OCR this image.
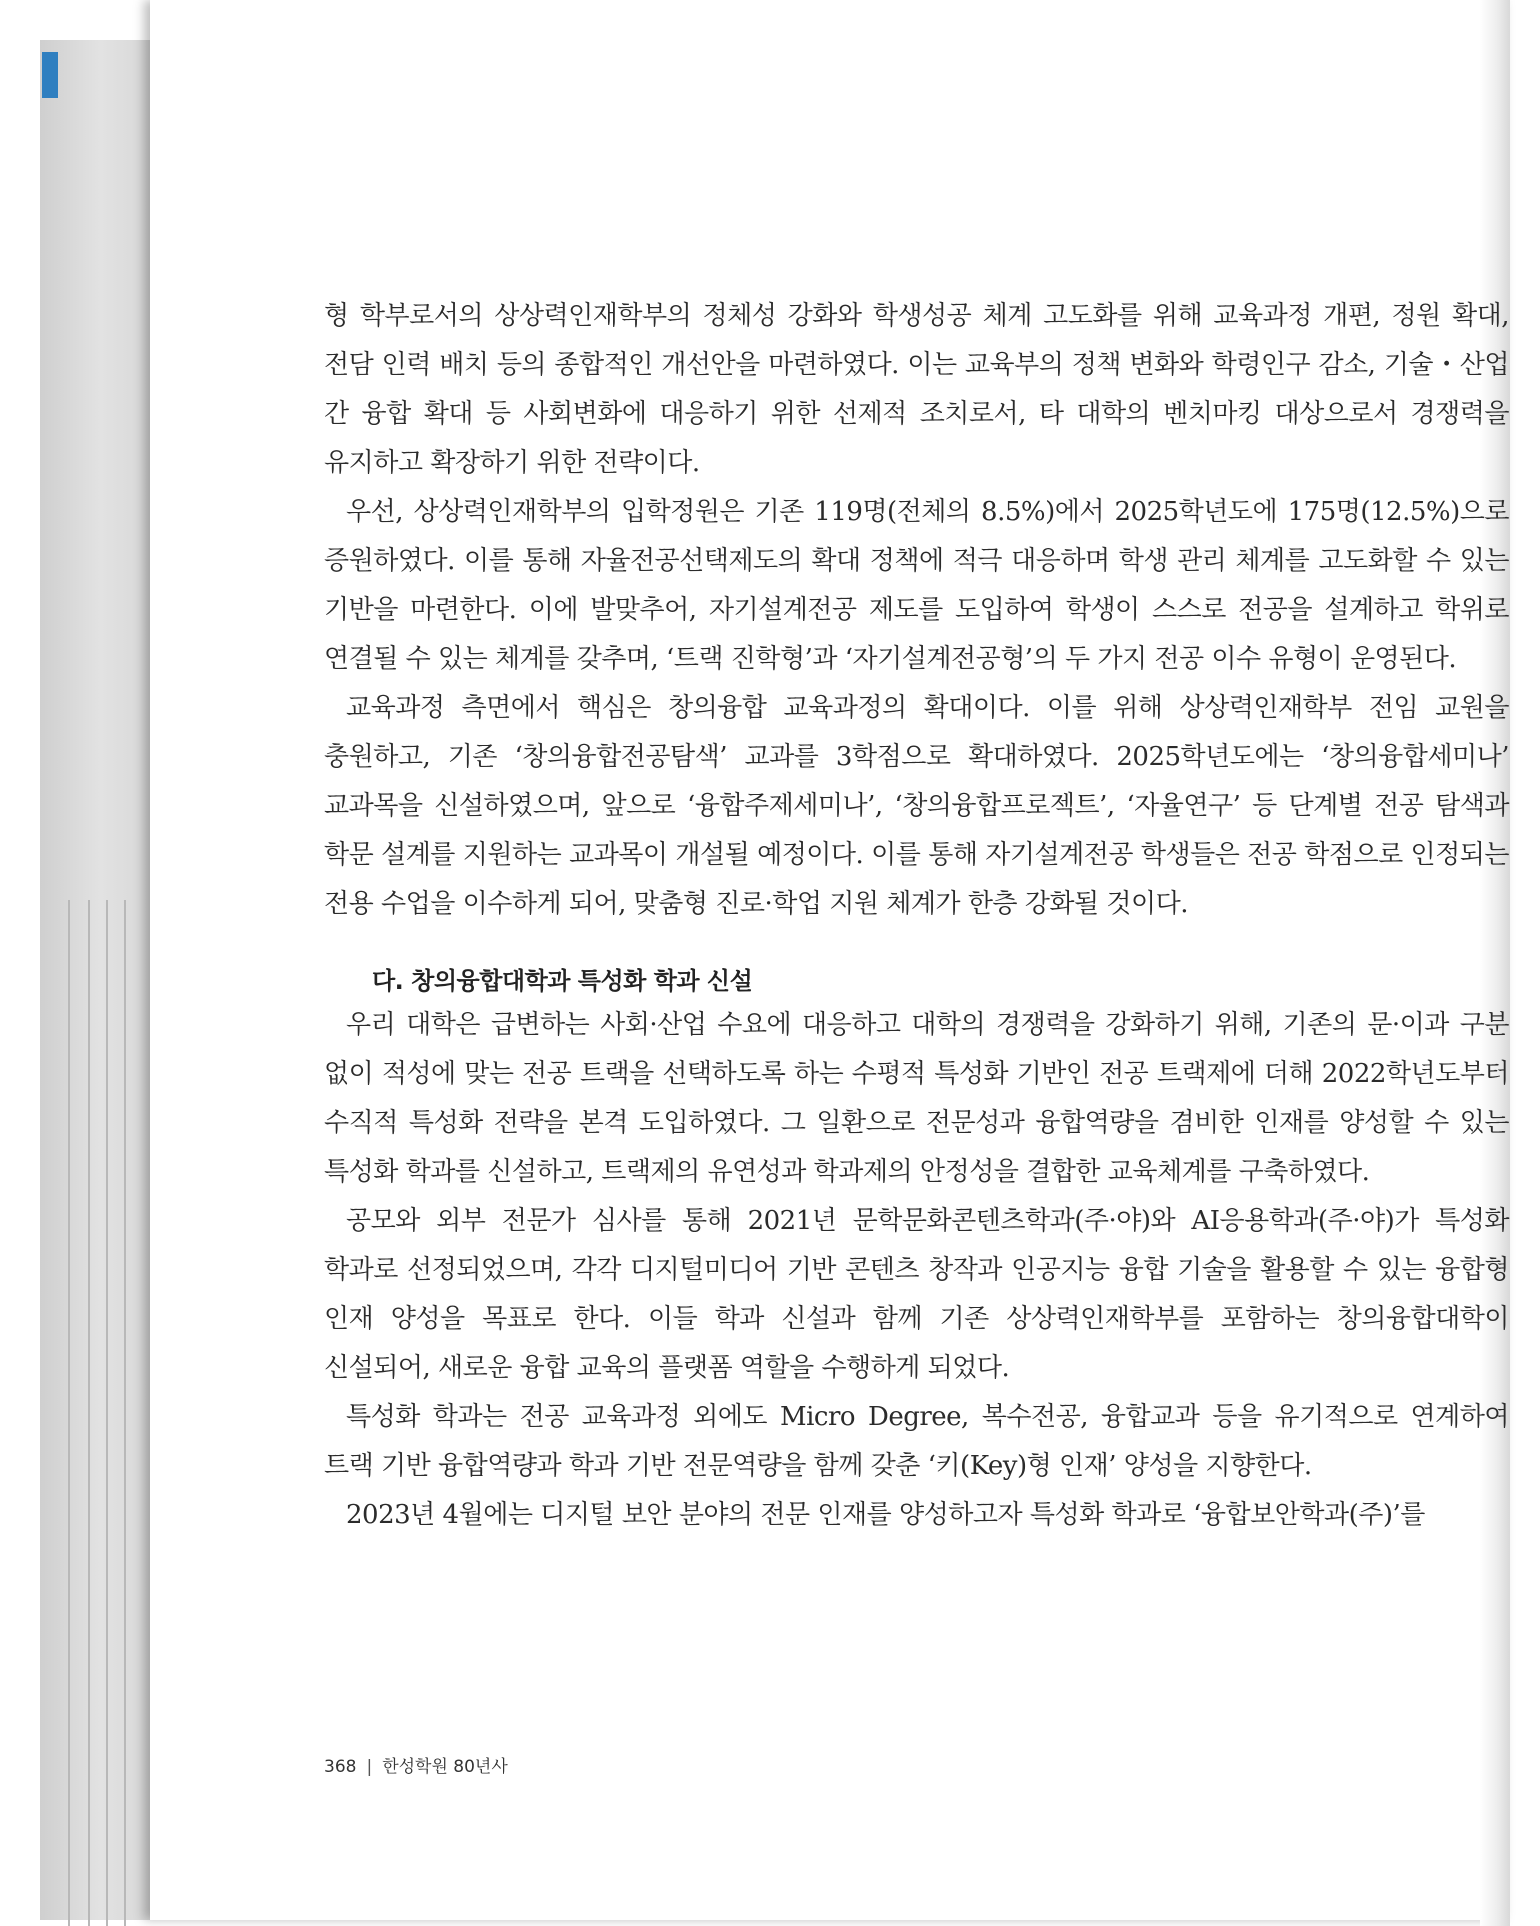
형 학부로서의 상상력인재학부의 정체성 강화와 학생성공 체계 고도화를 위해 교육과정 개편, 정원 확대, 전담 인력 배치 등의 종합적인 개선안을 마련하였다. 이는 교육부의 정책 변화와 학령인구 감소, 기술・산업 간 융합 확대 등 사회변화에 대응하기 위한 선제적 조치로서, 타 대학의 벤치마킹 대상으로서 경쟁력을 유지하고 확장하기 위한 전략이다.

우선, 상상력인재학부의 입학정원은 기존 119명(전체의 8.5%)에서 2025학년도에 175명(12.5%)으로 증원하였다. 이를 통해 자율전공선택제도의 확대 정책에 적극 대응하며 학생 관리 체계를 고도화할 수 있는 기반을 마련한다. 이에 발맞추어, 자기설계전공 제도를 도입하여 학생이 스스로 전공을 설계하고 학위로 연결될 수 있는 체계를 갖추며, ‘트랙 진학형’과 ‘자기설계전공형’의 두 가지 전공 이수 유형이 운영된다.

교육과정 측면에서 핵심은 창의융합 교육과정의 확대이다. 이를 위해 상상력인재학부 전임 교원을 충원하고, 기존 ‘창의융합전공탐색’ 교과를 3학점으로 확대하였다. 2025학년도에는 ‘창의융합세미나’ 교과목을 신설하였으며, 앞으로 ‘융합주제세미나’, ‘창의융합프로젝트’, ‘자율연구’ 등 단계별 전공 탐색과 학문 설계를 지원하는 교과목이 개설될 예정이다. 이를 통해 자기설계전공 학생들은 전공 학점으로 인정되는 전용 수업을 이수하게 되어, 맞춤형 진로·학업 지원 체계가 한층 강화될 것이다.

다. 창의융합대학과 특성화 학과 신설

우리 대학은 급변하는 사회·산업 수요에 대응하고 대학의 경쟁력을 강화하기 위해, 기존의 문·이과 구분 없이 적성에 맞는 전공 트랙을 선택하도록 하는 수평적 특성화 기반인 전공 트랙제에 더해 2022학년도부터 수직적 특성화 전략을 본격 도입하였다. 그 일환으로 전문성과 융합역량을 겸비한 인재를 양성할 수 있는 특성화 학과를 신설하고, 트랙제의 유연성과 학과제의 안정성을 결합한 교육체계를 구축하였다.

공모와 외부 전문가 심사를 통해 2021년 문학문화콘텐츠학과(주·야)와 AI응용학과(주·야)가 특성화 학과로 선정되었으며, 각각 디지털미디어 기반 콘텐츠 창작과 인공지능 융합 기술을 활용할 수 있는 융합형 인재 양성을 목표로 한다. 이들 학과 신설과 함께 기존 상상력인재학부를 포함하는 창의융합대학이 신설되어, 새로운 융합 교육의 플랫폼 역할을 수행하게 되었다.

특성화 학과는 전공 교육과정 외에도 Micro Degree, 복수전공, 융합교과 등을 유기적으로 연계하여 트랙 기반 융합역량과 학과 기반 전문역량을 함께 갖춘 ‘키(Key)형 인재’ 양성을 지향한다.

2023년 4월에는 디지털 보안 분야의 전문 인재를 양성하고자 특성화 학과로 ‘융합보안학과(주)’를

368 | 한성학원 80년사
